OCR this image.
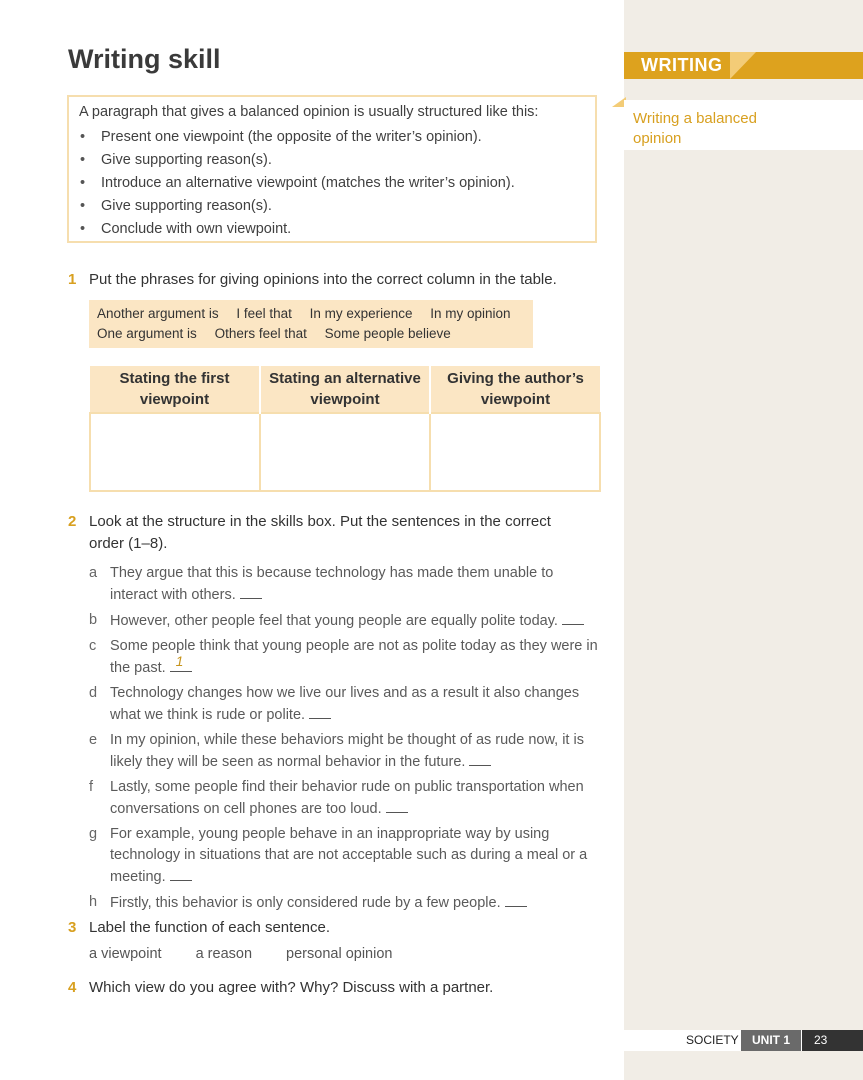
WRITING
Writing a balanced opinion
Writing skill
A paragraph that gives a balanced opinion is usually structured like this:
• Present one viewpoint (the opposite of the writer’s opinion).
• Give supporting reason(s).
• Introduce an alternative viewpoint (matches the writer’s opinion).
• Give supporting reason(s).
• Conclude with own viewpoint.
1 Put the phrases for giving opinions into the correct column in the table.
Another argument is I feel that In my experience In my opinion
One argument is Others feel that Some people believe
Stating the first viewpoint	Stating an alternative viewpoint	Giving the author’s viewpoint

2 Look at the structure in the skills box. Put the sentences in the correct order (1–8).
a They argue that this is because technology has made them unable to interact with others.
b However, other people feel that young people are equally polite today.
c Some people think that young people are not as polite today as they were in the past. 1
d Technology changes how we live our lives and as a result it also changes what we think is rude or polite.
e In my opinion, while these behaviors might be thought of as rude now, it is likely they will be seen as normal behavior in the future.
f Lastly, some people find their behavior rude on public transportation when conversations on cell phones are too loud.
g For example, young people behave in an inappropriate way by using technology in situations that are not acceptable such as during a meal or a meeting.
h Firstly, this behavior is only considered rude by a few people.
3 Label the function of each sentence.
a viewpoint a reason personal opinion
4 Which view do you agree with? Why? Discuss with a partner.
SOCIETY	UNIT 1	23
